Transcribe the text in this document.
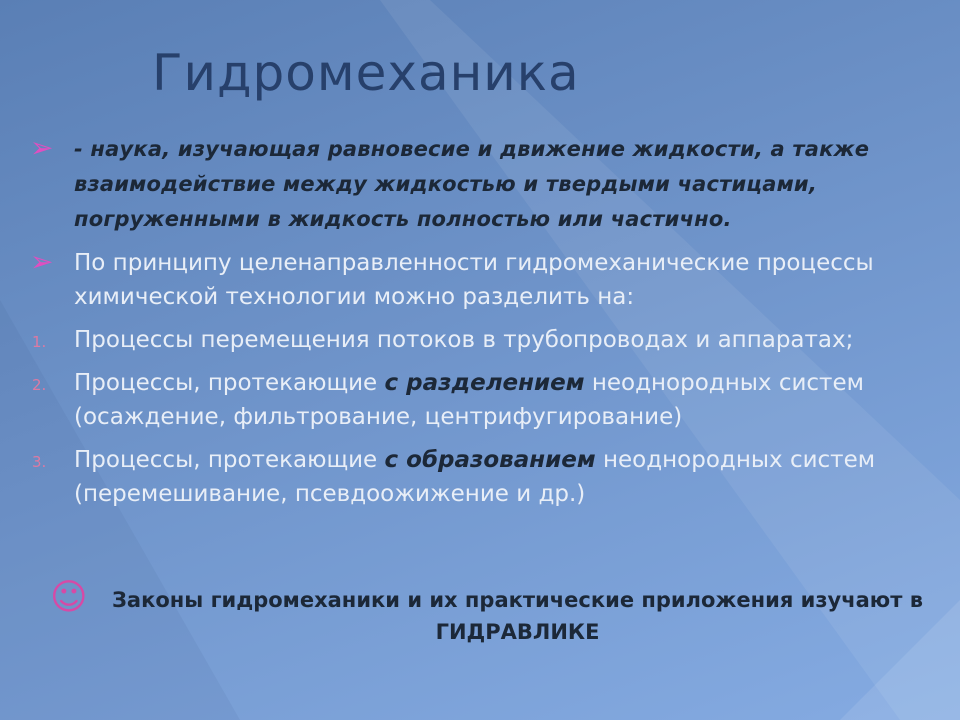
Гидромеханика
➢ - наука, изучающая равновесие и движение жидкости, а также взаимодействие между жидкостью и твердыми частицами, погруженными в жидкость полностью или частично.
➢ По принципу целенаправленности гидромеханические процессы химической технологии можно разделить на:
1. Процессы перемещения потоков в трубопроводах и аппаратах;
2. Процессы, протекающие с разделением неоднородных систем (осаждение, фильтрование, центрифугирование)
3. Процессы, протекающие с образованием неоднородных систем (перемешивание, псевдоожижение и др.)
☺	Законы гидромеханики и их практические приложения изучают в ГИДРАВЛИКЕ
